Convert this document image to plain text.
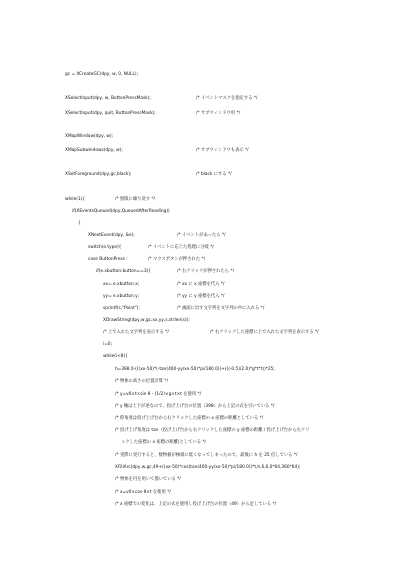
gc = XCreateGC(dpy, w, 0, NULL);
XSelectInput(dpy, w, ButtonPressMask);	/* イベントマスクを指定する */
XSelectInput(dpy, quit, ButtonPressMask);	/* サブウィンドウ用 */
XMapWindow(dpy, w);
XMapSubwindows(dpy, w);	/* サブウィンドウも表示 */
XSetForeground(dpy,gc,black);	/* black にする */
while(1){	/* 無限に繰り返す */
if(XEventsQueued(dpy,QueuedAfterReading))
{
XNextEvent(dpy, &e);	/* イベントがあったら */
switch(e.type){	/* イベントに応じた処理に分岐 */
case ButtonPress :	/* マウスボタンが押された */
if(e.xbutton.button==3){	/* 右クリックが押されたら */
xx= e.xbutton.x;	/* xx に x 座標を代入 */
yy= e.xbutton.y;	/* yy に y 座標を代入 */
sprintf(s,"Point");	/* 画面に出す文字列を文字列の中に入れる */
XDrawString(dpy,w,gc,xx,yy,s,strlen(s));
/* 上で入れた文字列を表示する */	/* 右クリックした座標に上で入れた文字列を表示する */
i=0;
while(i<8){
h=398.0-(((xx-50)*(-tan(400-yy/xx-50)*pi/180.0))+(((-0.5)/2.0)*g*t*t))*25;
/* 物体の高さの位置計算 */
/* y=v0×t×sin θ - (1/2)×g×t×t を使用 */
/* y 軸は上下が逆なので、投げ上げ台の位置（398）から上記の式を引いている */
/* 仰角度は投げ上げ台から右クリックした座標の x 座標の距離としている */
/* 投げ上げ角度は tan（投げ上げ台から右クリックした座標の y 座標の距離 / 投げ上げ台から右クリ
ックした座標の x 座標の距離)としている */
/* 実際に実行すると、数物値が極端に低くなってしまったので、最後に h を 25 倍している */
XFillArc(dpy,w,gc,49+((xx-50)*cos(tan(400-yy/xx-50)*pi/180.0))*t,h,6,6,0*64,360*64);
/* 物体を円を用いて描いている */
/* x=v0×cos θ×t を使用 */
/* x 座標での変化は、上記の式を使用し投げ上げ台の位置（49）から足している */
